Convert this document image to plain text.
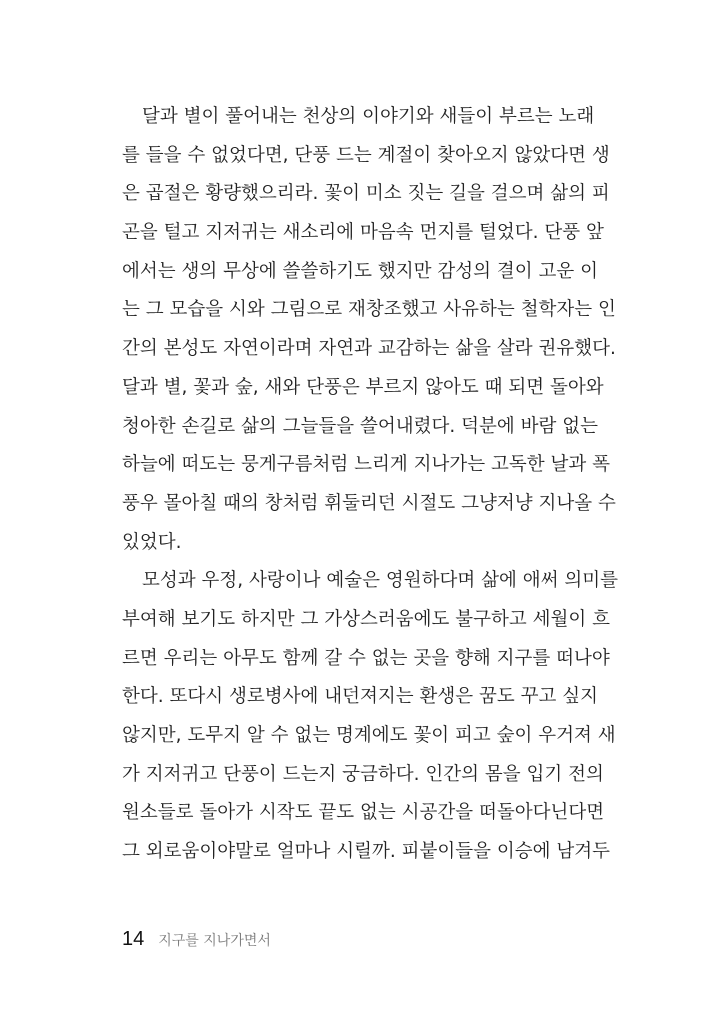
달과 별이 풀어내는 천상의 이야기와 새들이 부르는 노래
를 들을 수 없었다면, 단풍 드는 계절이 찾아오지 않았다면 생
은 곱절은 황량했으리라. 꽃이 미소 짓는 길을 걸으며 삶의 피
곤을 털고 지저귀는 새소리에 마음속 먼지를 털었다. 단풍 앞
에서는 생의 무상에 쓸쓸하기도 했지만 감성의 결이 고운 이
는 그 모습을 시와 그림으로 재창조했고 사유하는 철학자는 인
간의 본성도 자연이라며 자연과 교감하는 삶을 살라 권유했다.
달과 별, 꽃과 숲, 새와 단풍은 부르지 않아도 때 되면 돌아와
청아한 손길로 삶의 그늘들을 쓸어내렸다. 덕분에 바람 없는
하늘에 떠도는 뭉게구름처럼 느리게 지나가는 고독한 날과 폭
풍우 몰아칠 때의 창처럼 휘둘리던 시절도 그냥저냥 지나올 수
있었다.
모성과 우정, 사랑이나 예술은 영원하다며 삶에 애써 의미를
부여해 보기도 하지만 그 가상스러움에도 불구하고 세월이 흐
르면 우리는 아무도 함께 갈 수 없는 곳을 향해 지구를 떠나야
한다. 또다시 생로병사에 내던져지는 환생은 꿈도 꾸고 싶지
않지만, 도무지 알 수 없는 명계에도 꽃이 피고 숲이 우거져 새
가 지저귀고 단풍이 드는지 궁금하다. 인간의 몸을 입기 전의
원소들로 돌아가 시작도 끝도 없는 시공간을 떠돌아다닌다면
그 외로움이야말로 얼마나 시릴까. 피붙이들을 이승에 남겨두
14 지구를 지나가면서
